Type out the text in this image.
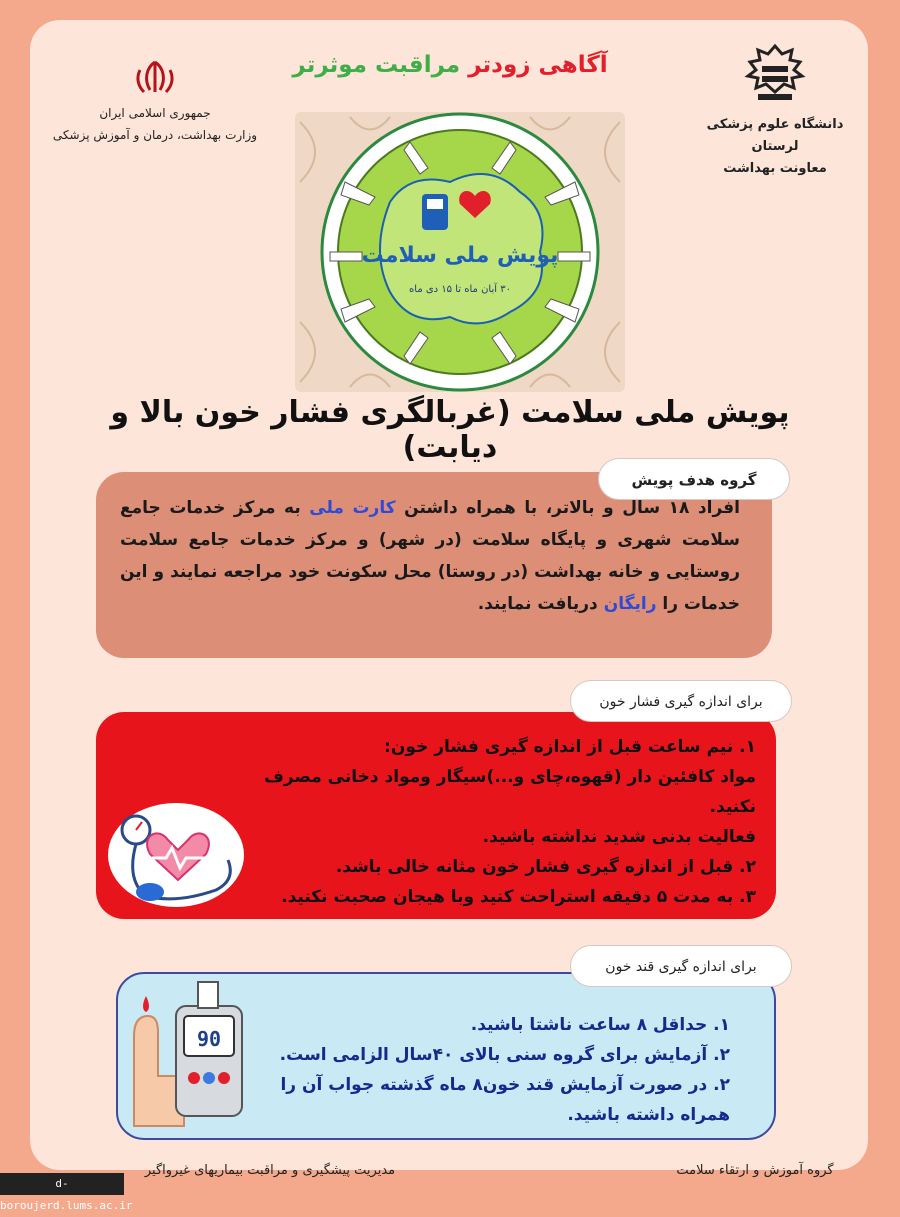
دانشگاه علوم پزشکی لرستان
معاونت بهداشت
جمهوری اسلامی ایران
وزارت بهداشت، درمان و آموزش پزشکی
آگاهی زودتر مراقبت موثرتر
پویش ملی سلامت
۳۰ آبان ماه تا ۱۵ دی ماه
پویش ملی سلامت (غربالگری فشار خون بالا و دیابت)
گروه هدف پویش
افراد ۱۸ سال و بالاتر، با همراه داشتن کارت ملی به مرکز خدمات جامع سلامت شهری و پایگاه سلامت (در شهر) و مرکز خدمات جامع سلامت روستایی و خانه بهداشت (در روستا) محل سکونت خود مراجعه نمایند و این خدمات را رایگان دریافت نمایند.
برای اندازه گیری فشار خون
۱. نیم ساعت قبل از اندازه گیری فشار خون:
مواد کافئین دار (قهوه،چای و...)سیگار ومواد دخانی مصرف نکنید.
فعالیت بدنی شدید نداشته باشید.
۲. قبل از اندازه گیری فشار خون مثانه خالی باشد.
۳. به مدت ۵ دقیقه استراحت کنید وبا هیجان صحبت نکنید.
برای اندازه گیری قند خون
۱. حداقل ۸ ساعت ناشتا باشید.
۲. آزمایش برای گروه سنی بالای ۴۰سال الزامی است.
۲. در صورت آزمایش قند خون۸ ماه گذشته جواب آن را
همراه داشته باشید.
90
گروه آموزش و ارتقاء سلامت
مدیریت پیشگیری و مراقبت بیماریهای غیرواگیر
d-boroujerd.lums.ac.ir
